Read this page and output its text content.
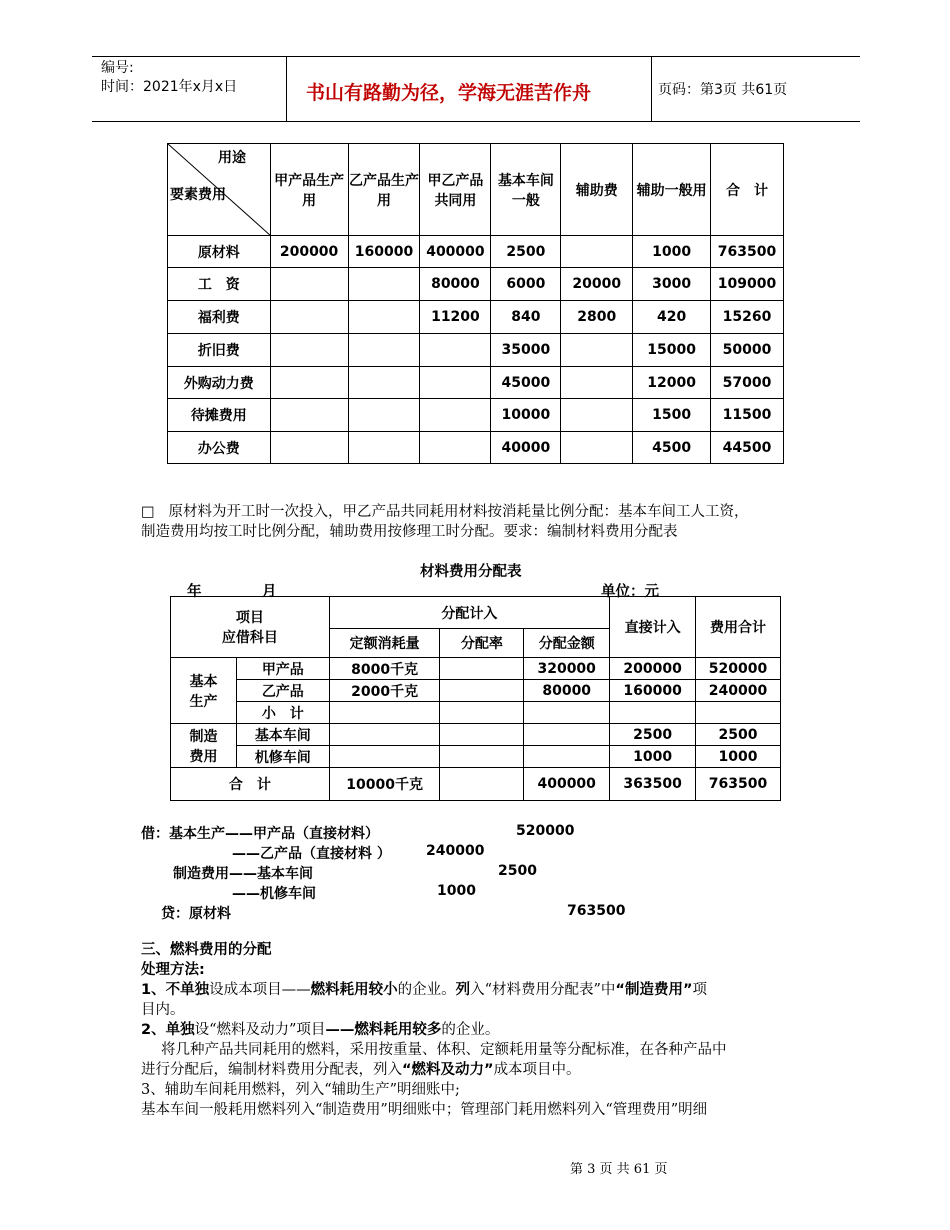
编号:
时间：2021年x月x日	书山有路勤为径，学海无涯苦作舟	页码：第3页 共61页
用途
要素费用	甲产品生产用	乙产品生产用	甲乙产品共同用	基本车间一般	辅助费	辅助一般用	合　计
原材料	200000	160000	400000	2500		1000	763500
工　资			80000	6000	20000	3000	109000
福利费			11200	840	2800	420	15260
折旧费				35000		15000	50000
外购动力费				45000		12000	57000
待摊费用				10000		1500	11500
办公费				40000		4500	44500
□ 原材料为开工时一次投入，甲乙产品共同耗用材料按消耗量比例分配：基本车间工人工资，
制造费用均按工时比例分配，辅助费用按修理工时分配。要求：编制材料费用分配表
材料费用分配表
年	月	单位：元
项目
应借科目		分配计入			直接计入	费用合计
		定额消耗量	分配率	分配金额		
基本生产	甲产品	8000千克		320000	200000	520000
	乙产品	2000千克		80000	160000	240000
	小　计					
制造费用	基本车间				2500	2500
	机修车间				1000	1000
合　计		10000千克		400000	363500	763500
借：基本生产——甲产品（直接材料）	520000
——乙产品（直接材料 ）	240000
制造费用——基本车间	2500
——机修车间	1000
贷：原材料	763500
三、燃料费用的分配
处理方法:
1、不单独设成本项目——燃料耗用较小的企业。列入“材料费用分配表”中“制造费用”项
目内。
2、单独设“燃料及动力”项目——燃料耗用较多的企业。
将几种产品共同耗用的燃料，采用按重量、体积、定额耗用量等分配标准，在各种产品中
进行分配后，编制材料费用分配表，列入“燃料及动力”成本项目中。
3、辅助车间耗用燃料，列入“辅助生产”明细账中;
基本车间一般耗用燃料列入“制造费用”明细账中；管理部门耗用燃料列入“管理费用”明细
第 3 页 共 61 页
